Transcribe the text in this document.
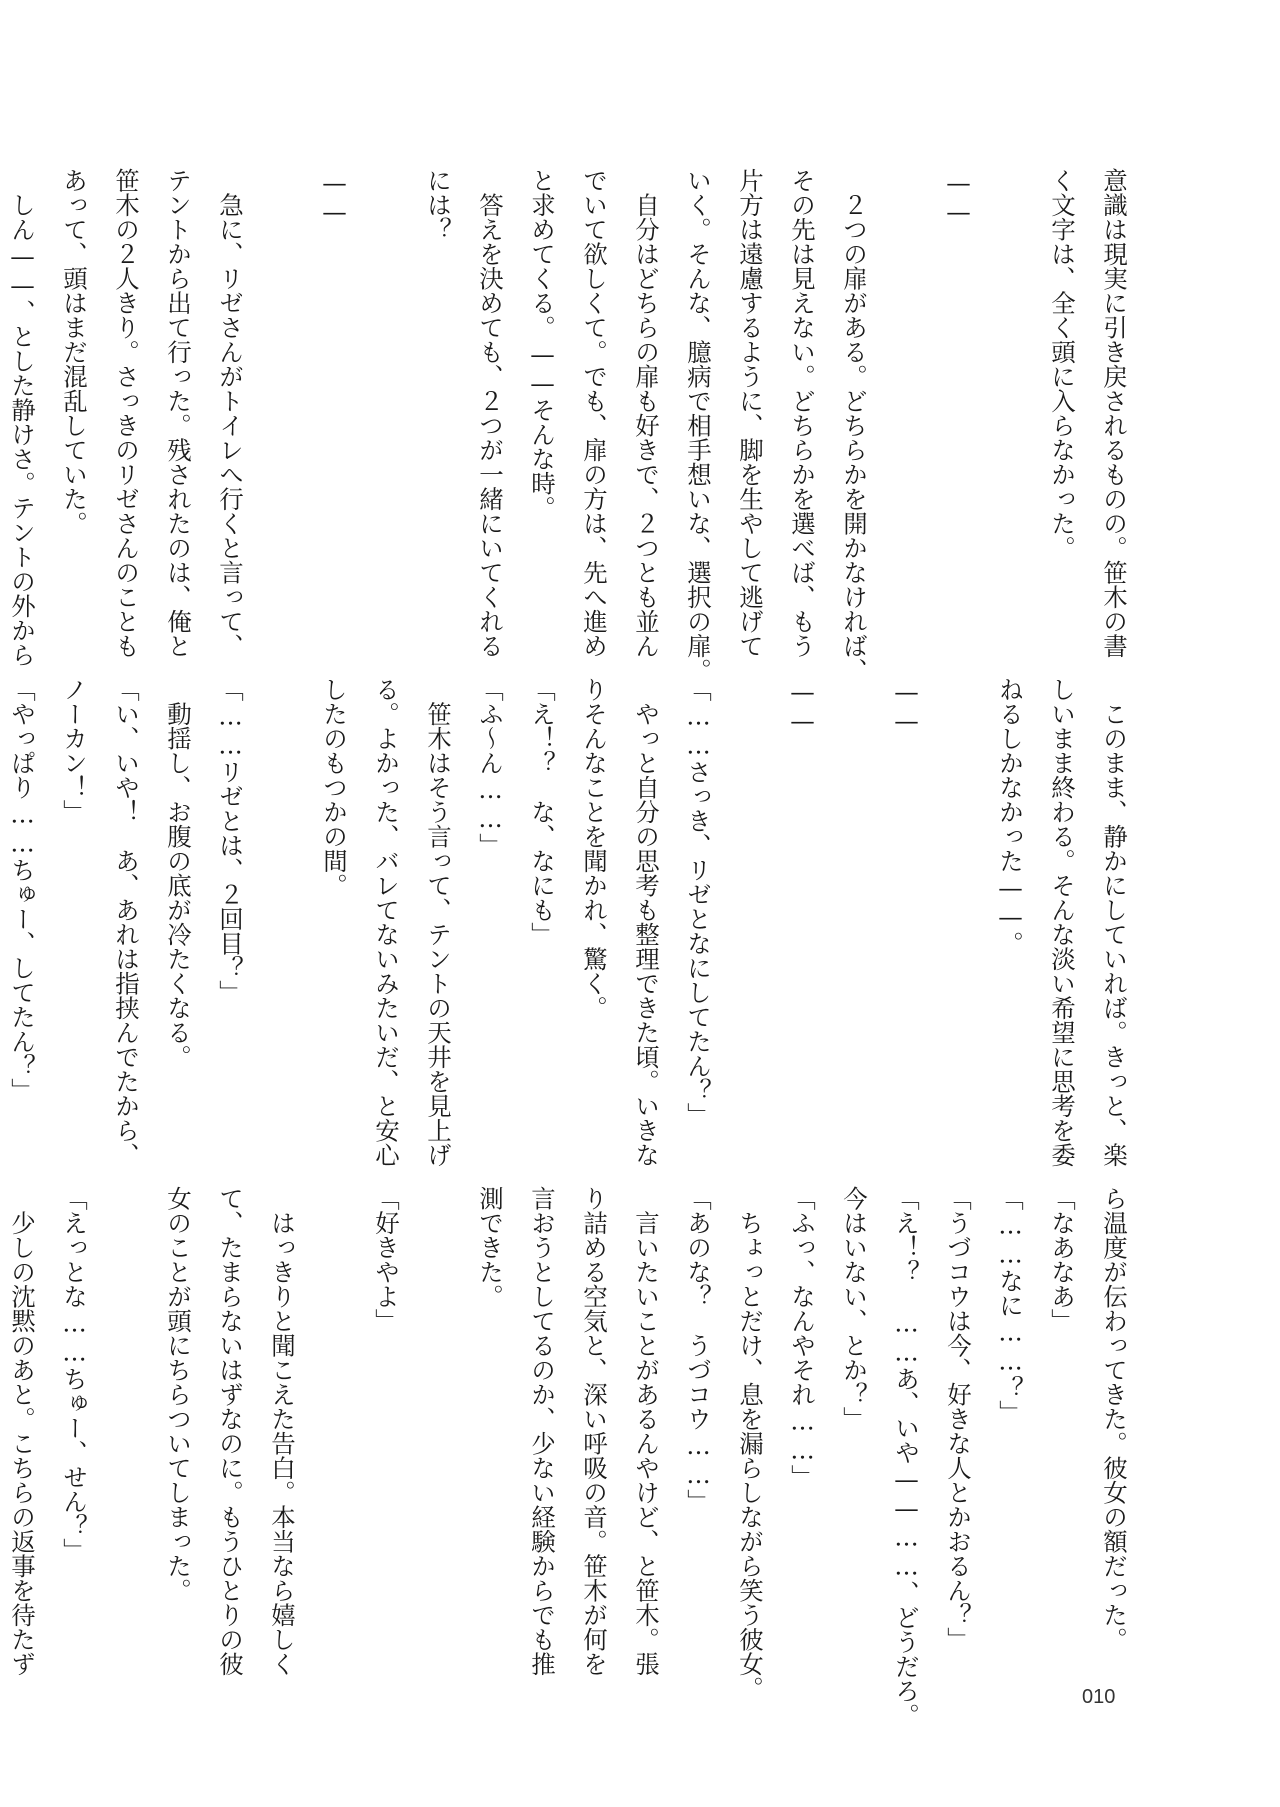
意識は現実に引き戻されるものの。笹木の書
く文字は、全く頭に入らなかった。

——

　２つの扉がある。どちらかを開かなければ、
その先は見えない。どちらかを選べば、もう
片方は遠慮するように、脚を生やして逃げて
いく。そんな、臆病で相手想いな、選択の扉。
　自分はどちらの扉も好きで、２つとも並ん
でいて欲しくて。でも、扉の方は、先へ進め
と求めてくる。——そんな時。
　答えを決めても、２つが一緒にいてくれる
には？

——

　急に、リゼさんがトイレへ行くと言って、
テントから出て行った。残されたのは、俺と
笹木の２人きり。さっきのリゼさんのことも
あって、頭はまだ混乱していた。
　しん——、とした静けさ。テントの外から
　このまま、静かにしていれば。きっと、楽
しいまま終わる。そんな淡い希望に思考を委
ねるしかなかった——。

——

——

「……さっき、リゼとなにしてたん？」
　やっと自分の思考も整理できた頃。いきな
りそんなことを聞かれ、驚く。
「え！？　な、なにも」
「ふ〜ん……」
　笹木はそう言って、テントの天井を見上げ
る。よかった、バレてないみたいだ、と安心
したのもつかの間。

「……リゼとは、２回目？」
　動揺し、お腹の底が冷たくなる。
「い、いや！　あ、あれは指挟んでたから、
ノーカン！」
「やっぱり……ちゅー、してたん？」
ら温度が伝わってきた。彼女の額だった。
「なあなあ」
「……なに……？」
「うづコウは今、好きな人とかおるん？」
「え！？　……あ、いや——……、どうだろ。
今はいない、とか？」
「ふっ、なんやそれ……」
　ちょっとだけ、息を漏らしながら笑う彼女。
「あのな？　うづコウ……」
　言いたいことがあるんやけど、と笹木。張
り詰める空気と、深い呼吸の音。笹木が何を
言おうとしてるのか、少ない経験からでも推
測できた。

「好きやよ」

　はっきりと聞こえた告白。本当なら嬉しく
て、たまらないはずなのに。もうひとりの彼
女のことが頭にちらついてしまった。

「えっとな……ちゅー、せん？」
　少しの沈黙のあと。こちらの返事を待たず
010
